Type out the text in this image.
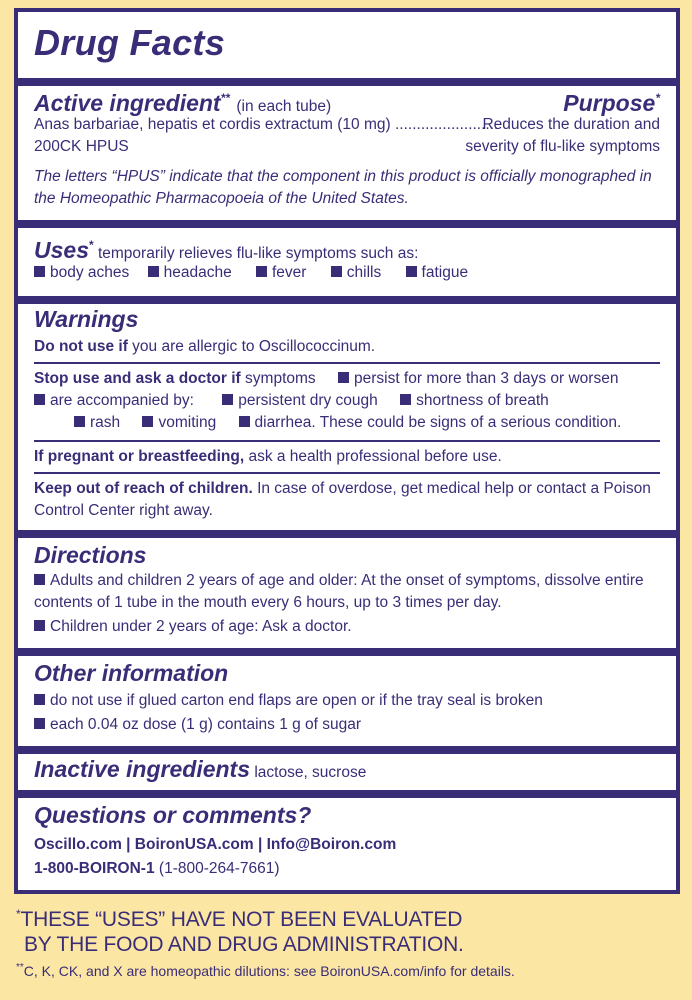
Drug Facts
Active ingredient** (in each tube)	Purpose*
Anas barbariae, hepatis et cordis extractum (10 mg) ........................
200CK HPUS
Reduces the duration and
severity of flu-like symptoms
The letters “HPUS” indicate that the component in this product is officially monographed in
the Homeopathic Pharmacopoeia of the United States.
Uses* temporarily relieves flu-like symptoms such as:
body aches headache	fever	chills	fatigue
Warnings
Do not use if you are allergic to Oscillococcinum.
Stop use and ask a doctor if symptoms persist for more than 3 days or worsen
are accompanied by:	persistent dry cough shortness of breath
rash vomiting diarrhea. These could be signs of a serious condition.
If pregnant or breastfeeding, ask a health professional before use.
Keep out of reach of children. In case of overdose, get medical help or contact a Poison
Control Center right away.
Directions
Adults and children 2 years of age and older: At the onset of symptoms, dissolve entire
contents of 1 tube in the mouth every 6 hours, up to 3 times per day.
Children under 2 years of age: Ask a doctor.
Other information
do not use if glued carton end flaps are open or if the tray seal is broken
each 0.04 oz dose (1 g) contains 1 g of sugar
Inactive ingredients lactose, sucrose
Questions or comments?
Oscillo.com | BoironUSA.com | Info@Boiron.com
1-800-BOIRON-1 (1-800-264-7661)
*THESE “USES” HAVE NOT BEEN EVALUATED
BY THE FOOD AND DRUG ADMINISTRATION.
**C, K, CK, and X are homeopathic dilutions: see BoironUSA.com/info for details.
